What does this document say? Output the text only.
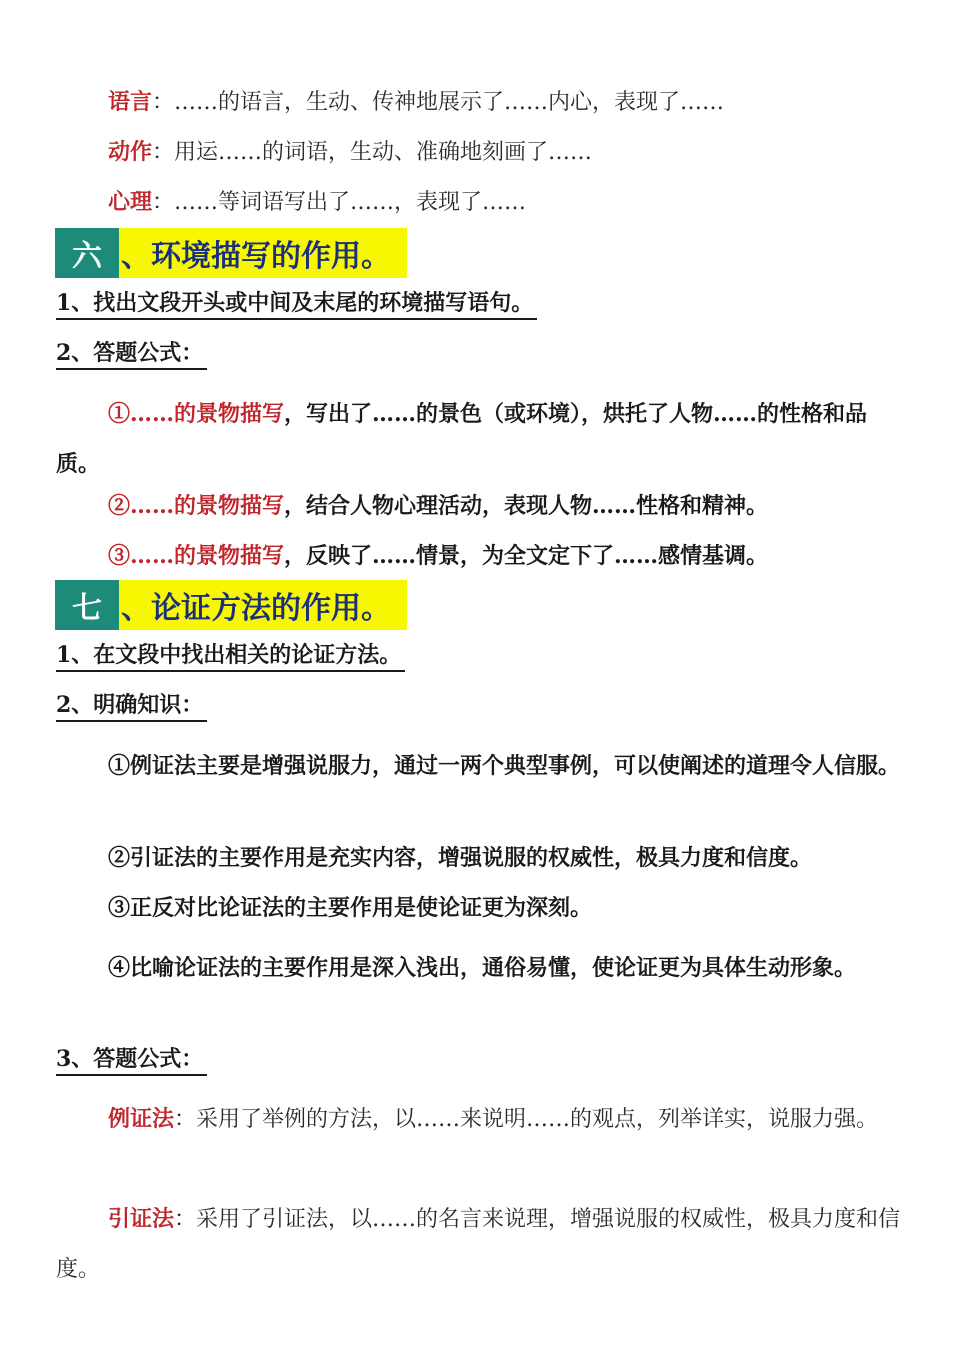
语言：……的语言，生动、传神地展示了……内心，表现了……
动作：用运……的词语，生动、准确地刻画了……
心理：……等词语写出了……，表现了……
六 、环境描写的作用。
1、找出文段开头或中间及末尾的环境描写语句。
2、答题公式：
①……的景物描写，写出了……的景色（或环境），烘托了人物……的性格和品质。
②……的景物描写，结合人物心理活动，表现人物……性格和精神。
③……的景物描写，反映了……情景，为全文定下了……感情基调。
七 、论证方法的作用。
1、在文段中找出相关的论证方法。
2、明确知识：
①例证法主要是增强说服力，通过一两个典型事例，可以使阐述的道理令人信服。
②引证法的主要作用是充实内容，增强说服的权威性，极具力度和信度。
③正反对比论证法的主要作用是使论证更为深刻。
④比喻论证法的主要作用是深入浅出，通俗易懂，使论证更为具体生动形象。
3、答题公式：
例证法：采用了举例的方法，以……来说明……的观点，列举详实，说服力强。
引证法：采用了引证法，以……的名言来说理，增强说服的权威性，极具力度和信度。
